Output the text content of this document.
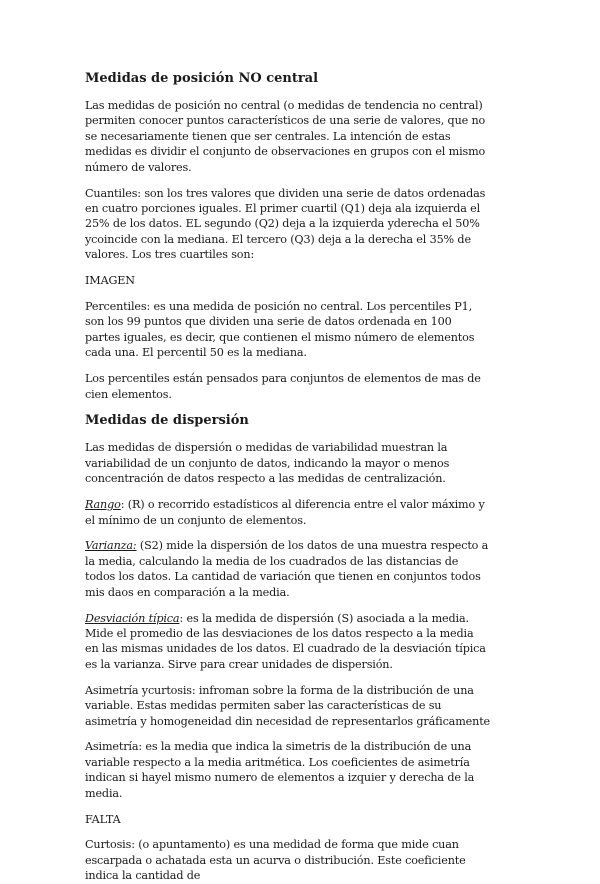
Medidas de posición NO central

Las medidas de posición no central (o medidas de tendencia no central) permiten conocer puntos característicos de una serie de valores, que no se necesariamente tienen que ser centrales. La intención de estas medidas es dividir el conjunto de observaciones en grupos con el mismo número de valores.

Cuantiles: son los tres valores que dividen una serie de datos ordenadas en cuatro porciones iguales. El primer cuartil (Q1) deja ala izquierda el 25% de los datos. EL segundo (Q2) deja a la izquierda yderecha el 50% ycoincide con la mediana. El tercero (Q3) deja a la derecha el 35% de valores. Los tres cuartiles son:

IMAGEN

Percentiles: es una medida de posición no central. Los percentiles P1, son los 99 puntos que dividen una serie de datos ordenada en 100 partes iguales, es decir, que contienen el mismo número de elementos cada una. El percentil 50 es la mediana.

Los percentiles están pensados para conjuntos de elementos de mas de cien elementos.

Medidas de dispersión

Las medidas de dispersión o medidas de variabilidad muestran la variabilidad de un conjunto de datos, indicando la mayor o menos concentración de datos respecto a las medidas de centralización.

Rango: (R) o recorrido estadísticos al diferencia entre el valor máximo y el mínimo de un conjunto de elementos.

Varianza: (S2) mide la dispersión de los datos de una muestra respecto a la media, calculando la media de los cuadrados de las distancias de todos los datos. La cantidad de variación que tienen en conjuntos todos mis daos en comparación a la media.

Desviación típica: es la medida de dispersión (S) asociada a la media. Mide el promedio de las desviaciones de los datos respecto a la media en las mismas unidades de los datos. El cuadrado de la desviación típica es la varianza. Sirve para crear unidades de dispersión.

Asimetría ycurtosis: infroman sobre la forma de la distribución de una variable. Estas medidas permiten saber las características de su asimetría y homogeneidad din necesidad de representarlos gráficamente

Asimetría: es la media que indica la simetris de la distribución de una variable respecto a la media aritmética. Los coeficientes de asimetría indican si hayel mismo numero de elementos a izquier y derecha de la media.

FALTA

Curtosis: (o apuntamento) es una medidad de forma que mide cuan escarpada o achatada esta un acurva o distribución. Este coeficiente indica la cantidad de
